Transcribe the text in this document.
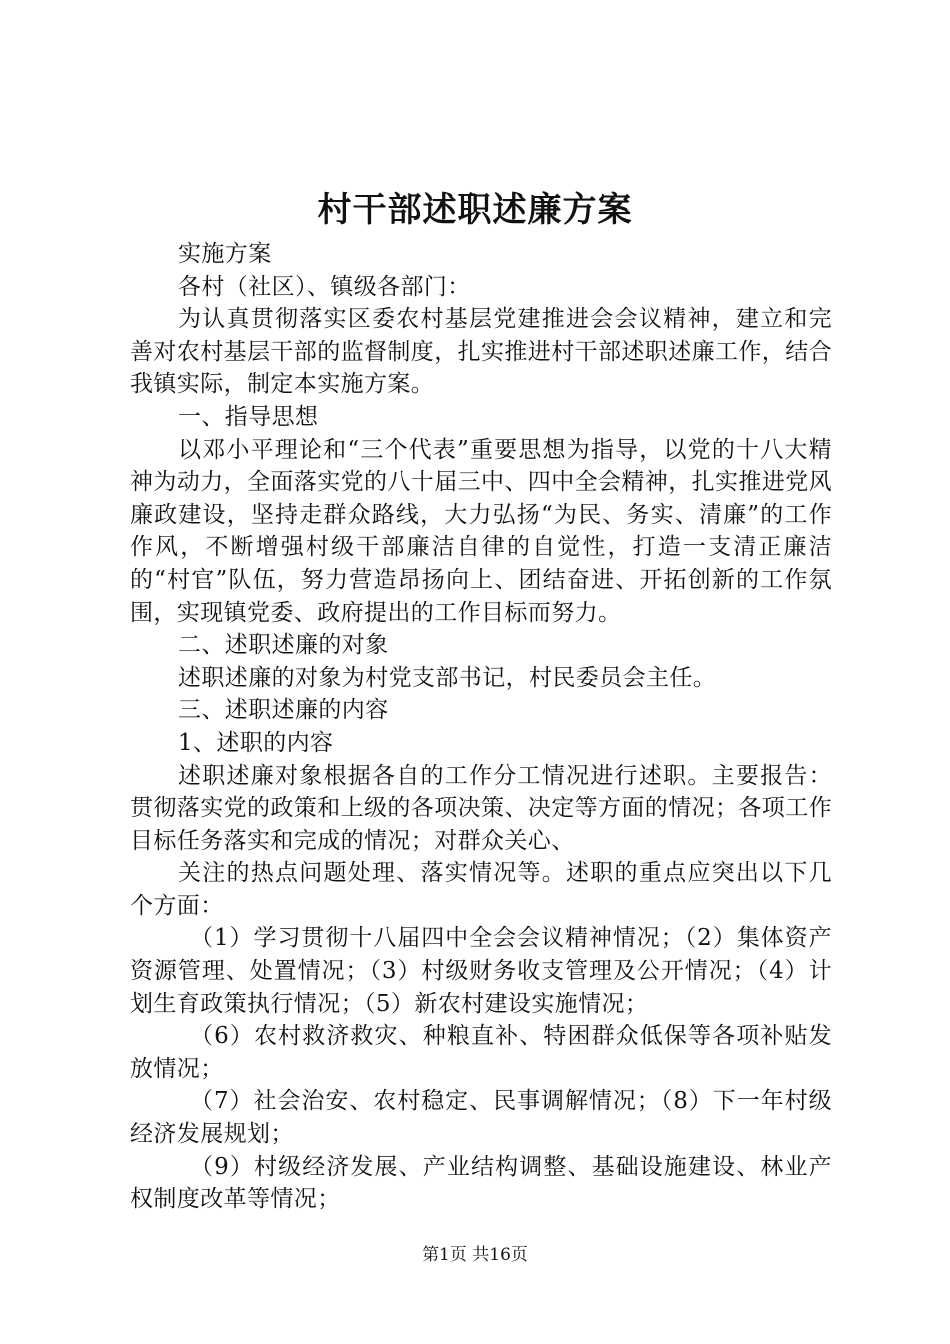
村干部述职述廉方案

实施方案

各村（社区）、镇级各部门：

为认真贯彻落实区委农村基层党建推进会会议精神，建立和完善对农村基层干部的监督制度，扎实推进村干部述职述廉工作，结合我镇实际，制定本实施方案。

一、指导思想

以邓小平理论和“三个代表”重要思想为指导，以党的十八大精神为动力，全面落实党的八十届三中、四中全会精神，扎实推进党风廉政建设，坚持走群众路线，大力弘扬“为民、务实、清廉”的工作作风，不断增强村级干部廉洁自律的自觉性，打造一支清正廉洁的“村官”队伍，努力营造昂扬向上、团结奋进、开拓创新的工作氛围，实现镇党委、政府提出的工作目标而努力。

二、述职述廉的对象

述职述廉的对象为村党支部书记，村民委员会主任。

三、述职述廉的内容

1、述职的内容

述职述廉对象根据各自的工作分工情况进行述职。主要报告：贯彻落实党的政策和上级的各项决策、决定等方面的情况；各项工作目标任务落实和完成的情况；对群众关心、

关注的热点问题处理、落实情况等。述职的重点应突出以下几个方面：

（1）学习贯彻十八届四中全会会议精神情况；（2）集体资产资源管理、处置情况；（3）村级财务收支管理及公开情况；（4）计划生育政策执行情况；（5）新农村建设实施情况；

（6）农村救济救灾、种粮直补、特困群众低保等各项补贴发放情况；

（7）社会治安、农村稳定、民事调解情况；（8）下一年村级经济发展规划；

（9）村级经济发展、产业结构调整、基础设施建设、林业产权制度改革等情况；

第1页 共16页
